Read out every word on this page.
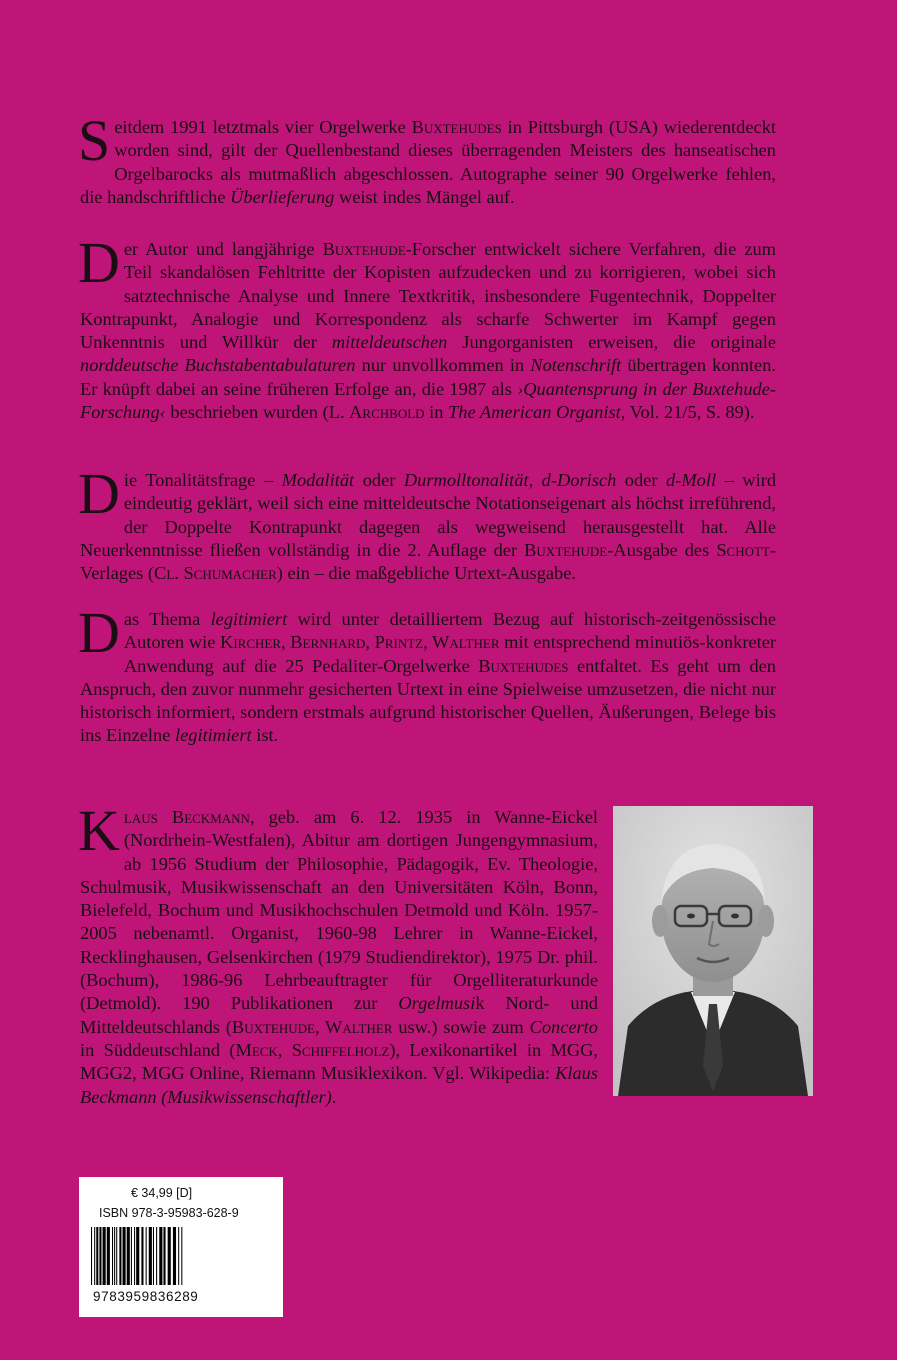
Seitdem 1991 letztmals vier Orgelwerke Buxtehudes in Pittsburgh (USA) wiederentdeckt worden sind, gilt der Quellenbestand dieses überragenden Meisters des hanseatischen Orgelbarocks als mutmaßlich abgeschlossen. Autographe seiner 90 Orgelwerke fehlen, die handschriftliche Überlieferung weist indes Mängel auf.
Der Autor und langjährige Buxtehude-Forscher entwickelt sichere Verfahren, die zum Teil skandalösen Fehltritte der Kopisten aufzudecken und zu korrigieren, wobei sich satztechnische Analyse und Innere Textkritik, insbesondere Fugentechnik, Doppelter Kontrapunkt, Analogie und Korrespondenz als scharfe Schwerter im Kampf gegen Unkenntnis und Willkür der mitteldeutschen Jungorganisten erweisen, die originale norddeutsche Buchstabentabulaturen nur unvollkommen in Notenschrift übertragen konnten. Er knüpft dabei an seine früheren Erfolge an, die 1987 als ›Quantensprung in der Buxtehude-Forschung‹ beschrieben wurden (L. Archbold in The American Organist, Vol. 21/5, S. 89).
Die Tonalitätsfrage – Modalität oder Durmolltonalität, d-Dorisch oder d-Moll – wird eindeutig geklärt, weil sich eine mitteldeutsche Notationseigenart als höchst irreführend, der Doppelte Kontrapunkt dagegen als wegweisend herausgestellt hat. Alle Neuerkenntnisse fließen vollständig in die 2. Auflage der Buxtehude-Ausgabe des Schott-Verlages (Cl. Schumacher) ein – die maßgebliche Urtext-Ausgabe.
Das Thema legitimiert wird unter detailliertem Bezug auf historisch-zeitgenössische Autoren wie Kircher, Bernhard, Printz, Walther mit entsprechend minutiös-konkreter Anwendung auf die 25 Pedaliter-Orgelwerke Buxtehudes entfaltet. Es geht um den Anspruch, den zuvor nunmehr gesicherten Urtext in eine Spielweise umzusetzen, die nicht nur historisch informiert, sondern erstmals aufgrund historischer Quellen, Äußerungen, Belege bis ins Einzelne legitimiert ist.
Klaus Beckmann, geb. am 6. 12. 1935 in Wanne-Eickel (Nordrhein-Westfalen), Abitur am dortigen Jungengymnasium, ab 1956 Studium der Philosophie, Pädagogik, Ev. Theologie, Schulmusik, Musikwissenschaft an den Universitäten Köln, Bonn, Bielefeld, Bochum und Musikhochschulen Detmold und Köln. 1957-2005 nebenamtl. Organist, 1960-98 Lehrer in Wanne-Eickel, Recklinghausen, Gelsenkirchen (1979 Studiendirektor), 1975 Dr. phil. (Bochum), 1986-96 Lehrbeauftragter für Orgelliteraturkunde (Detmold). 190 Publikationen zur Orgelmusik Nord- und Mitteldeutschlands (Buxtehude, Walther usw.) sowie zum Concerto in Süddeutschland (Meck, Schiffelholz), Lexikonartikel in MGG, MGG2, MGG Online, Riemann Musiklexikon. Vgl. Wikipedia: Klaus Beckmann (Musikwissenschaftler).
€ 34,99 [D]
ISBN 978-3-95983-628-9
9783959836289
